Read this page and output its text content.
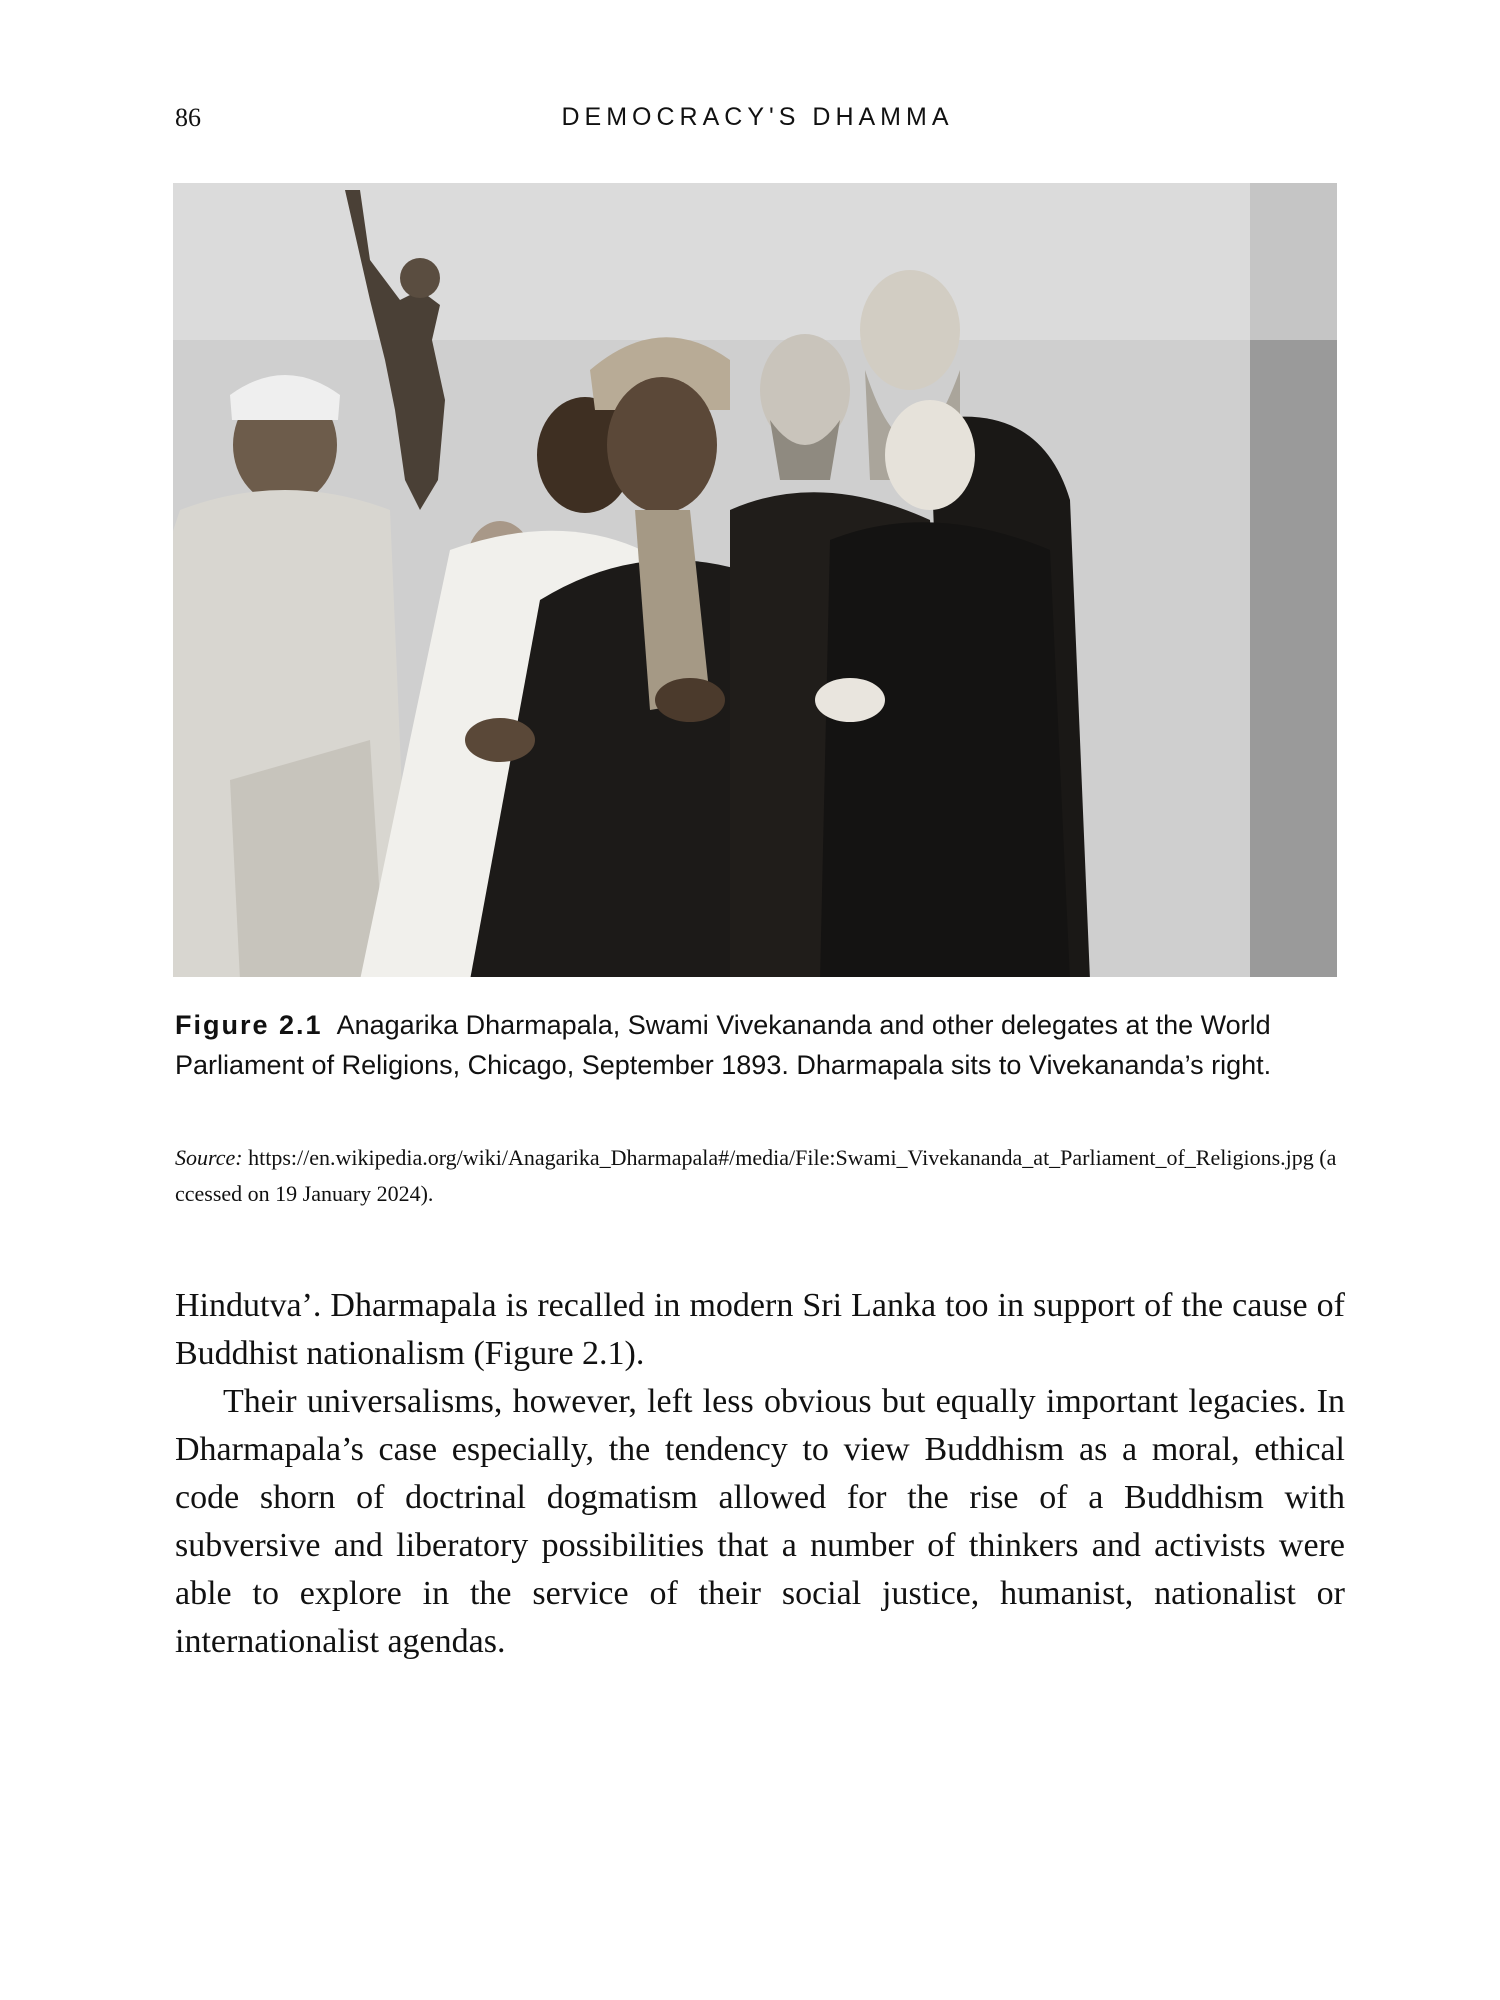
86	DEMOCRACY'S DHAMMA
Figure 2.1 Anagarika Dharmapala, Swami Vivekananda and other delegates at the World Parliament of Religions, Chicago, September 1893. Dharmapala sits to Vivekananda’s right.
Source: https://en.wikipedia.org/wiki/Anagarika_Dharmapala#/media/File:Swami_Vivekananda_at_Parliament_of_Religions.jpg (accessed on 19 January 2024).

Hindutva’. Dharmapala is recalled in modern Sri Lanka too in support of the cause of Buddhist nationalism (Figure 2.1).

Their universalisms, however, left less obvious but equally important legacies. In Dharmapala’s case especially, the tendency to view Buddhism as a moral, ethical code shorn of doctrinal dogmatism allowed for the rise of a Buddhism with subversive and liberatory possibilities that a number of thinkers and activists were able to explore in the service of their social justice, humanist, nationalist or internationalist agendas.
